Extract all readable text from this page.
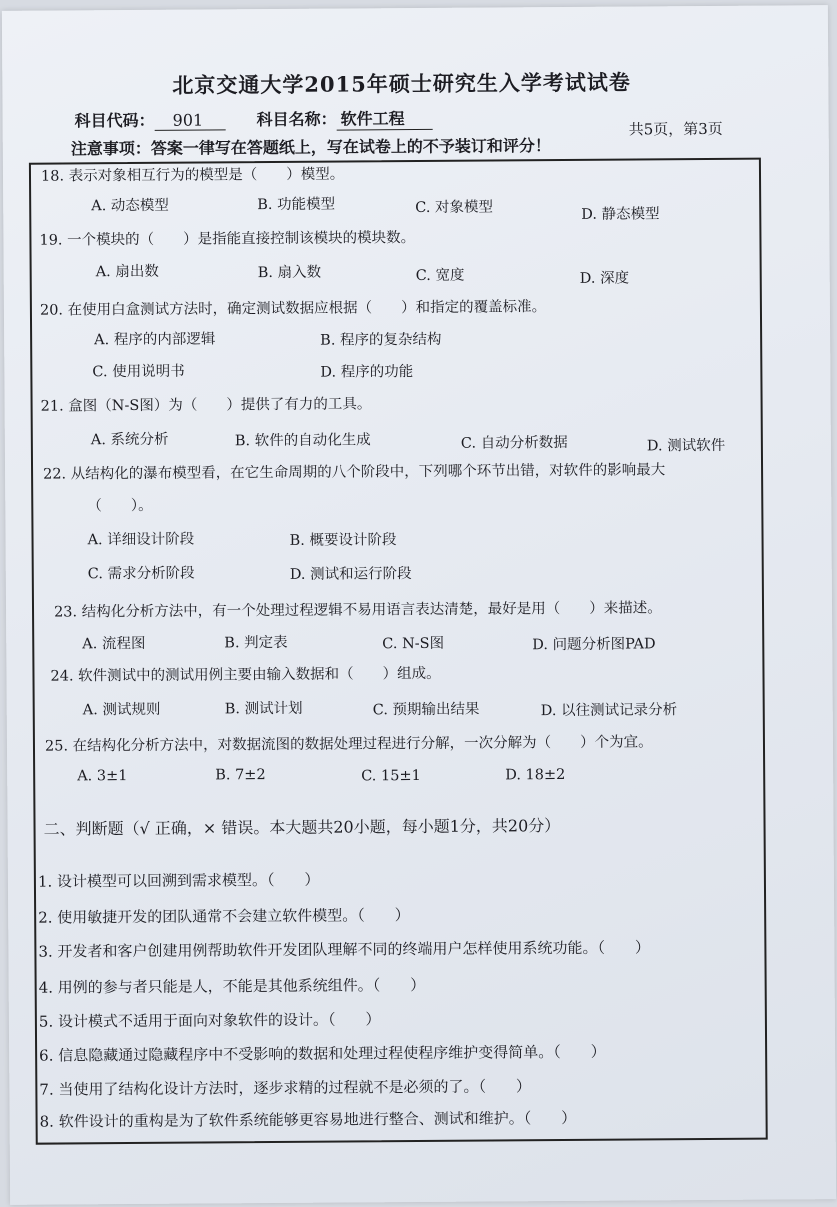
北京交通大学2015年硕士研究生入学考试试卷
科目代码： 901	科目名称： 软件工程
共5页，第3页
注意事项：答案一律写在答题纸上，写在试卷上的不予装订和评分！
18. 表示对象相互行为的模型是（　　）模型。
A. 动态模型	B. 功能模型	C. 对象模型	D. 静态模型
19. 一个模块的（　　）是指能直接控制该模块的模块数。
A. 扇出数	B. 扇入数	C. 宽度	D. 深度
20. 在使用白盒测试方法时，确定测试数据应根据（　　）和指定的覆盖标准。
A. 程序的内部逻辑	B. 程序的复杂结构
C. 使用说明书	D. 程序的功能
21. 盒图（N-S图）为（　　）提供了有力的工具。
A. 系统分析	B. 软件的自动化生成	C. 自动分析数据	D. 测试软件
22. 从结构化的瀑布模型看，在它生命周期的八个阶段中，下列哪个环节出错，对软件的影响最大
（　　）。
A. 详细设计阶段	B. 概要设计阶段
C. 需求分析阶段	D. 测试和运行阶段
23. 结构化分析方法中，有一个处理过程逻辑不易用语言表达清楚，最好是用（　　）来描述。
A. 流程图	B. 判定表	C. N-S图	D. 问题分析图PAD
24. 软件测试中的测试用例主要由输入数据和（　　）组成。
A. 测试规则	B. 测试计划	C. 预期输出结果	D. 以往测试记录分析
25. 在结构化分析方法中，对数据流图的数据处理过程进行分解，一次分解为（　　）个为宜。
A. 3±1	B. 7±2	C. 15±1	D. 18±2
二、判断题（√ 正确，× 错误。本大题共20小题，每小题1分，共20分）
1. 设计模型可以回溯到需求模型。（　　）
2. 使用敏捷开发的团队通常不会建立软件模型。（　　）
3. 开发者和客户创建用例帮助软件开发团队理解不同的终端用户怎样使用系统功能。（　　）
4. 用例的参与者只能是人，不能是其他系统组件。（　　）
5. 设计模式不适用于面向对象软件的设计。（　　）
6. 信息隐藏通过隐藏程序中不受影响的数据和处理过程使程序维护变得简单。（　　）
7. 当使用了结构化设计方法时，逐步求精的过程就不是必须的了。（　　）
8. 软件设计的重构是为了软件系统能够更容易地进行整合、测试和维护。（　　）
